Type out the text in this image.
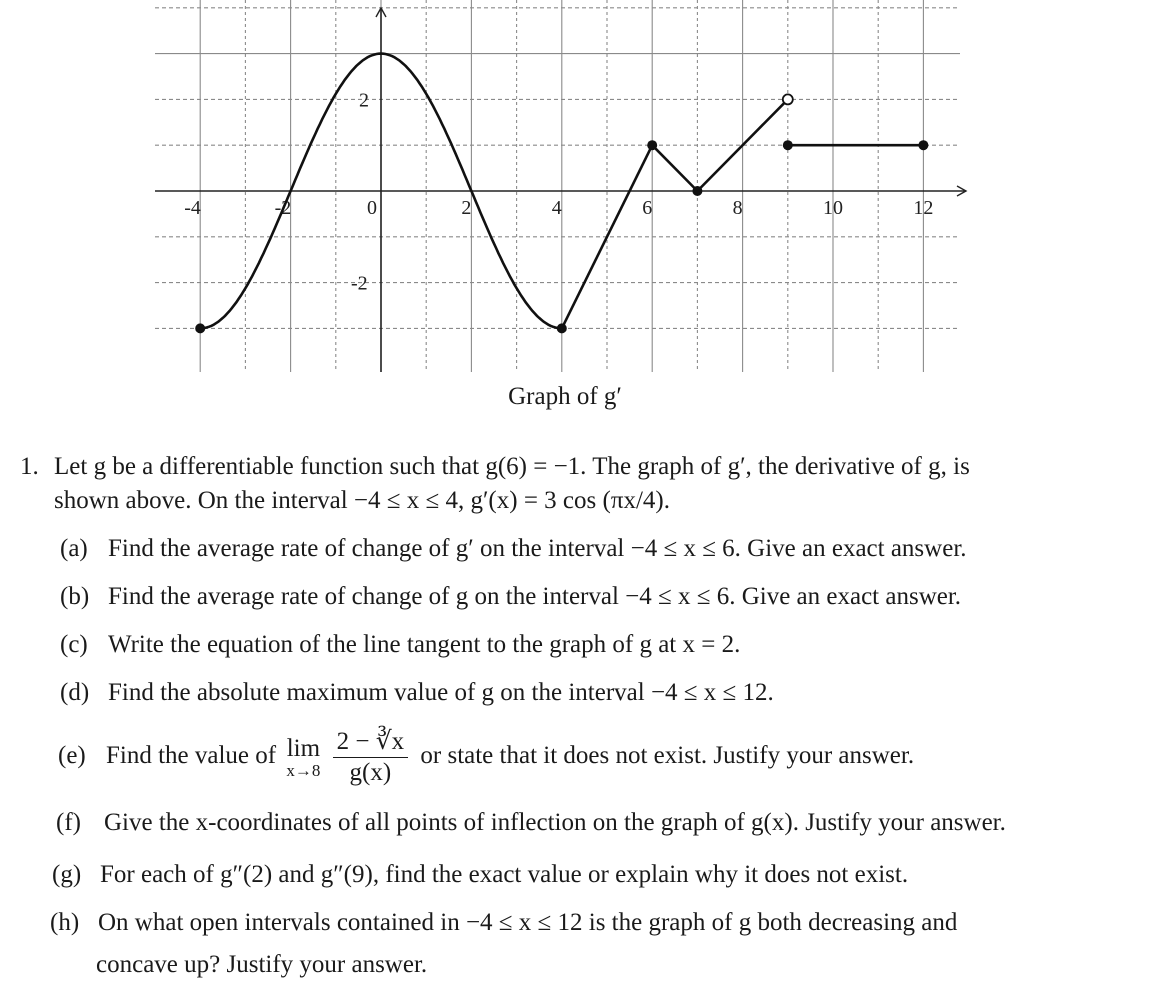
-4	-2	0	2	4	6	8	10	12
2
-2
Graph of g′
1. Let g be a differentiable function such that g(6) = −1. The graph of g′, the derivative of g, is
shown above. On the interval −4 ≤ x ≤ 4, g′(x) = 3 cos (πx/4).
(a) Find the average rate of change of g′ on the interval −4 ≤ x ≤ 6. Give an exact answer.
(b) Find the average rate of change of g on the interval −4 ≤ x ≤ 6. Give an exact answer.
(c) Write the equation of the line tangent to the graph of g at x = 2.
(d) Find the absolute maximum value of g on the interval −4 ≤ x ≤ 12.
(e) Find the value of lim
x→8
$\frac{2 - ∛x}{g(x)}$ or state that it does not exist. Justify your answer.
(f) Give the x-coordinates of all points of inflection on the graph of g(x). Justify your answer.
(g) For each of g″(2) and g″(9), find the exact value or explain why it does not exist.
(h) On what open intervals contained in −4 ≤ x ≤ 12 is the graph of g both decreasing and
concave up? Justify your answer.
